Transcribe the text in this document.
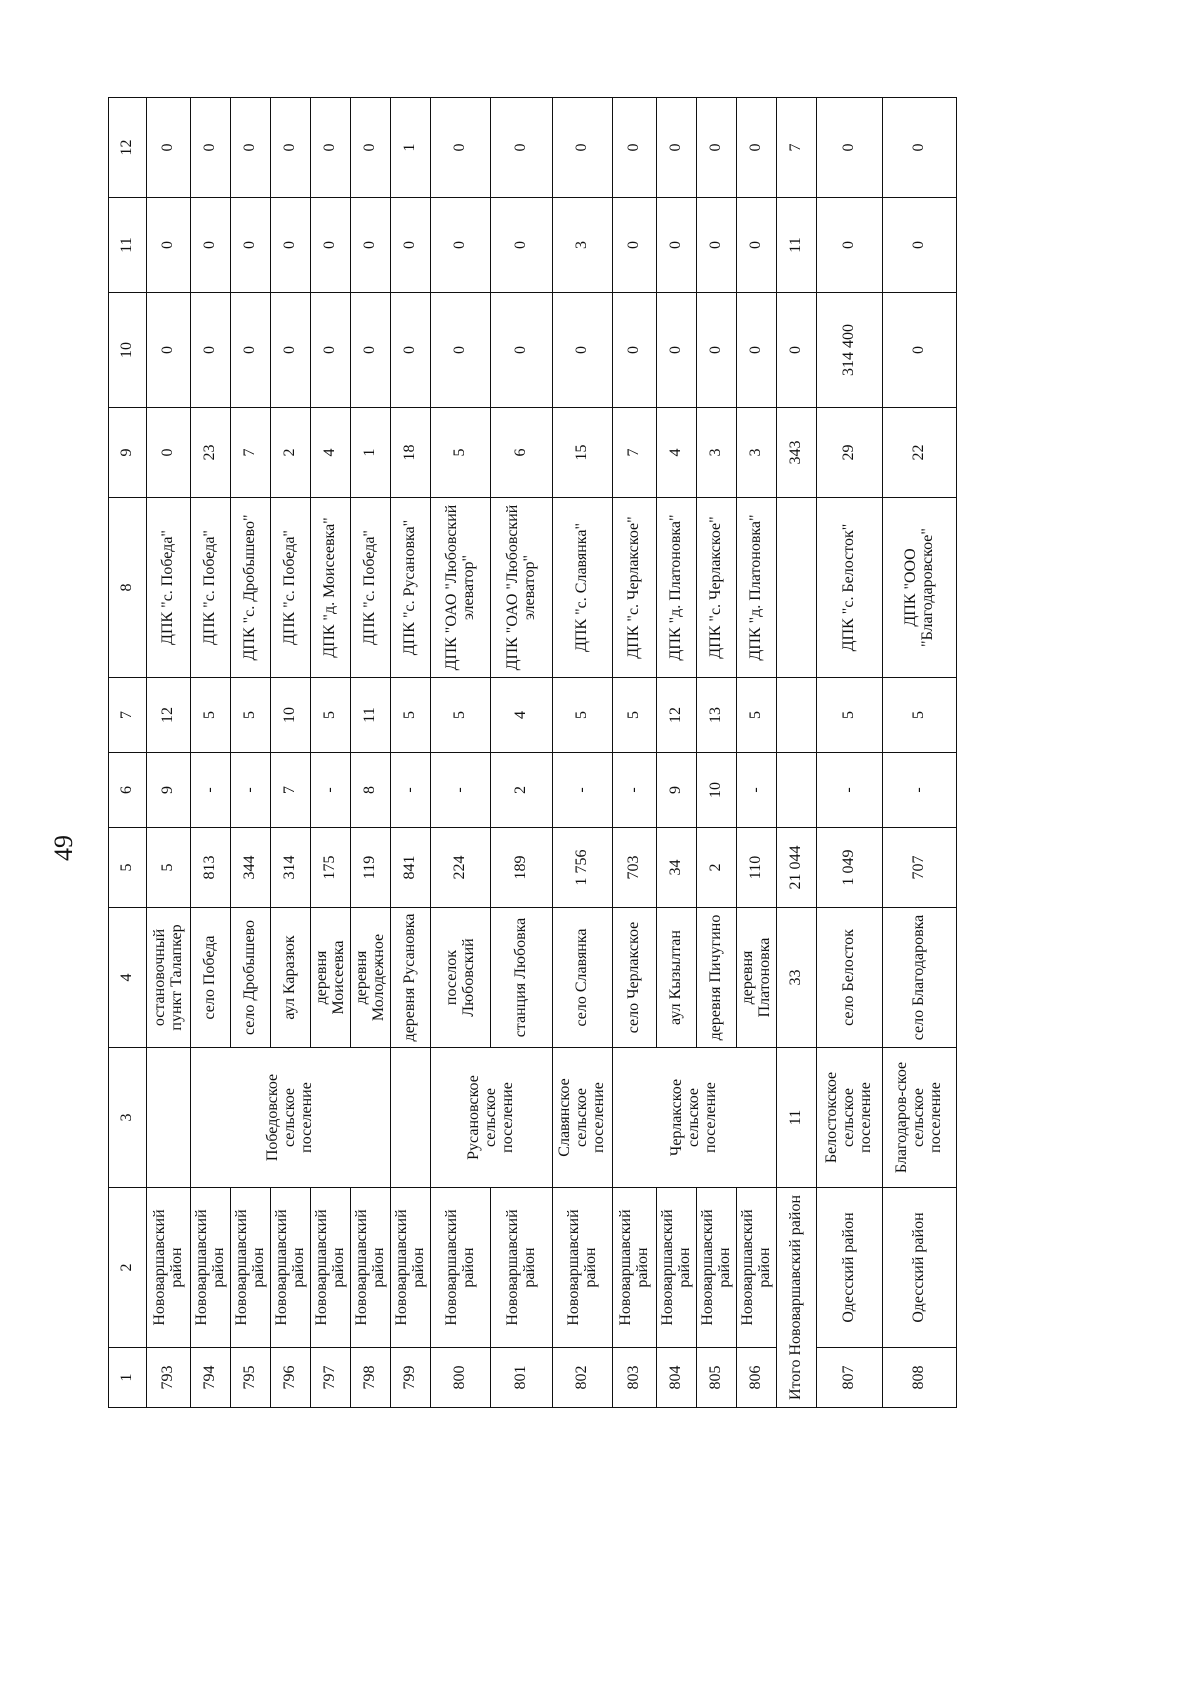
49
1	2	3	4	5	6	7	8	9	10	11	12
793	Нововаршавский район		остановочный пункт Талапкер	5	9	12	ДПК "с. Победа"	0	0	0	0
794	Нововаршавский район	Победовское сельское поселение	село Победа	813	-	5	ДПК "с. Победа"	23	0	0	0
795	Нововаршавский район		село Дробышево	344	-	5	ДПК "с. Дробышево"	7	0	0	0
796	Нововаршавский район		аул Каразюк	314	7	10	ДПК "с. Победа"	2	0	0	0
797	Нововаршавский район		деревня Моисеевка	175	-	5	ДПК "д. Моисеевка"	4	0	0	0
798	Нововаршавский район		деревня Молодежное	119	8	11	ДПК "с. Победа"	1	0	0	0
799	Нововаршавский район		деревня Русановка	841	-	5	ДПК "с. Русановка"	18	0	0	1
800	Нововаршавский район	Русановское сельское поселение	поселок Любовский	224	-	5	ДПК "ОАО "Любовский элеватор"	5	0	0	0
801	Нововаршавский район		станция Любовка	189	2	4	ДПК "ОАО "Любовский элеватор"	6	0	0	0
802	Нововаршавский район	Славянское сельское поселение	село Славянка	1 756	-	5	ДПК "с. Славянка"	15	0	3	0
803	Нововаршавский район	Черлакское сельское поселение	село Черлакское	703	-	5	ДПК "с. Черлакское"	7	0	0	0
804	Нововаршавский район		аул Кызылтан	34	9	12	ДПК "д. Платоновка"	4	0	0	0
805	Нововаршавский район		деревня Пичугино	2	10	13	ДПК "с. Черлакское"	3	0	0	0
806	Нововаршавский район		деревня Платоновка	110	-	5	ДПК "д. Платоновка"	3	0	0	0
Итого Нововаршавский район		11	33	21 044				343	0	11	7
807	Одесский район	Белостокское сельское поселение	село Белосток	1 049	-	5	ДПК "с. Белосток"	29	314 400	0	0
808	Одесский район	Благодаров-ское сельское поселение	село Благодаровка	707	-	5	ДПК "ООО "Благодаровское"	22	0	0	0
